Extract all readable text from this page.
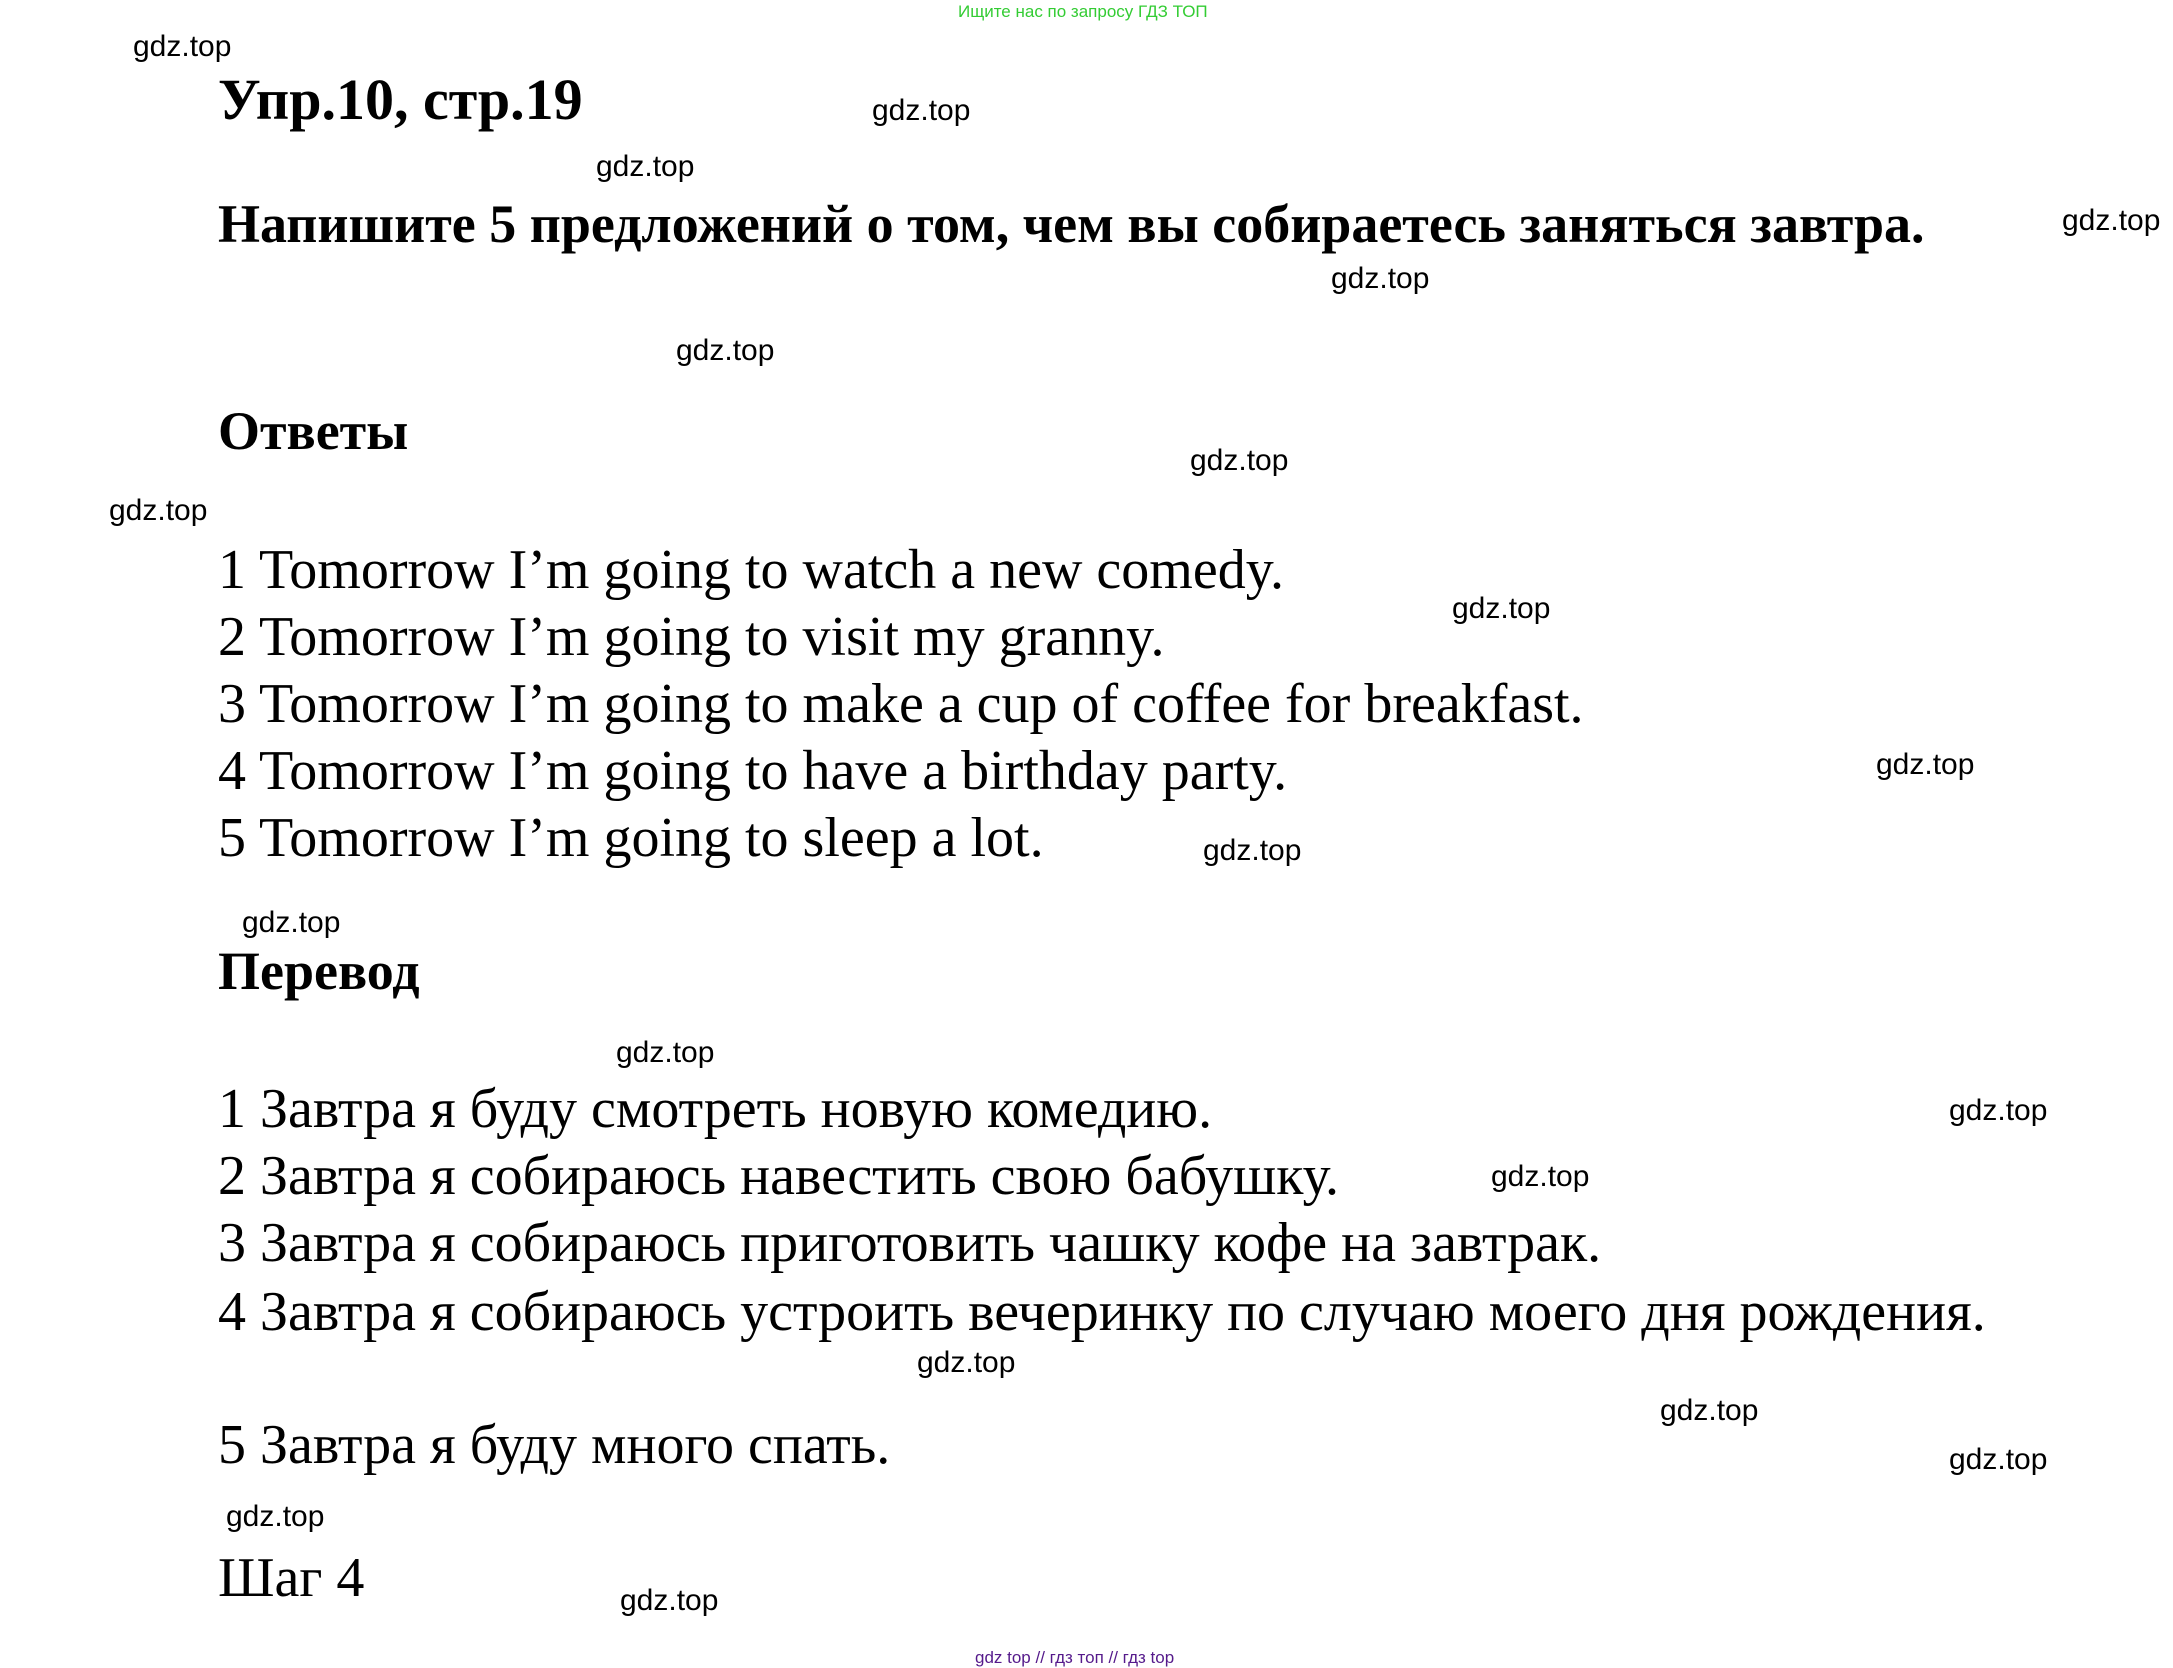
Ищите нас по запросу ГДЗ ТОП
Упр.10, стр.19
Напишите 5 предложений о том, чем вы собираетесь заняться завтра.
Ответы
1 Tomorrow I’m going to watch a new comedy.
2 Tomorrow I’m going to visit my granny.
3 Tomorrow I’m going to make a cup of coffee for breakfast.
4 Tomorrow I’m going to have a birthday party.
5 Tomorrow I’m going to sleep a lot.
Перевод
1 Завтра я буду смотреть новую комедию.
2 Завтра я собираюсь навестить свою бабушку.
3 Завтра я собираюсь приготовить чашку кофе на завтрак.
4 Завтра я собираюсь устроить вечеринку по случаю моего дня рождения.
5 Завтра я буду много спать.
Шаг 4
gdz.top
gdz.top
gdz.top
gdz.top
gdz.top
gdz.top
gdz.top
gdz.top
gdz.top
gdz.top
gdz.top
gdz.top
gdz.top
gdz.top
gdz.top
gdz.top
gdz.top
gdz.top
gdz.top
gdz.top
gdz top // гдз топ // гдз top
